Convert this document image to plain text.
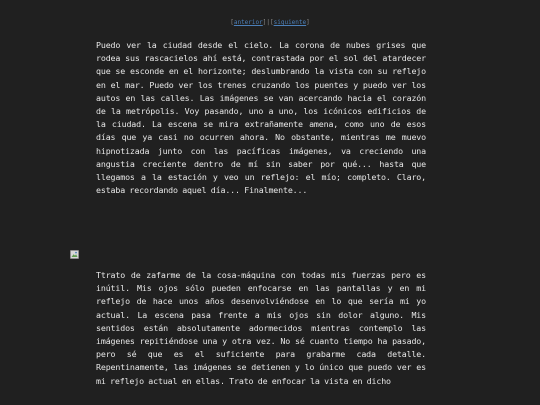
[anterior]|[siguiente]

Puedo ver la ciudad desde el cielo. La corona de nubes grises que rodea sus rascacielos ahí está, contrastada por el sol del atardecer que se esconde en el horizonte; deslumbrando la vista con su reflejo en el mar. Puedo ver los trenes cruzando los puentes y puedo ver los autos en las calles. Las imágenes se van acercando hacia el corazón de la metrópolis. Voy pasando, uno a uno, los icónicos edificios de la ciudad. La escena se mira extrañamente amena, como uno de esos días que ya casi no ocurren ahora. No obstante, mientras me muevo hipnotizada junto con las pacíficas imágenes, va creciendo una angustia creciente dentro de mí sin saber por qué... hasta que llegamos a la estación y veo un reflejo: el mío; completo. Claro, estaba recordando aquel día... Finalmente...

Ttrato de zafarme de la cosa-máquina con todas mis fuerzas pero es inútil. Mis ojos sólo pueden enfocarse en las pantallas y en mi reflejo de hace unos años desenvolviéndose en lo que sería mi yo actual. La escena pasa frente a mis ojos sin dolor alguno. Mis sentidos están absolutamente adormecidos mientras contemplo las imágenes repitiéndose una y otra vez. No sé cuanto tiempo ha pasado, pero sé que es el suficiente para grabarme cada detalle. Repentinamente, las imágenes se detienen y lo único que puedo ver es mi reflejo actual en ellas. Trato de enfocar la vista en dicho
